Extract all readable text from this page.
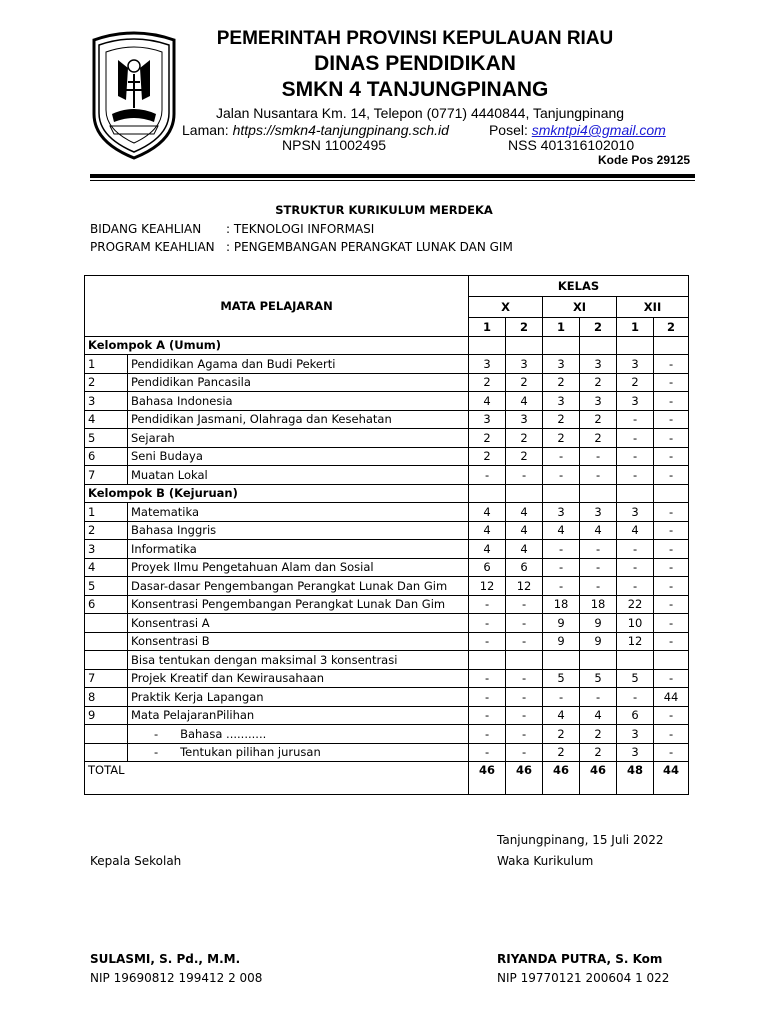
PEMERINTAH PROVINSI KEPULAUAN RIAU
DINAS PENDIDIKAN
SMKN 4 TANJUNGPINANG
Jalan Nusantara Km. 14, Telepon (0771) 4440844, Tanjungpinang
Laman: https://smkn4-tanjungpinang.sch.id	Posel: smkntpi4@gmail.com
NPSN 11002495	NSS 401316102010
Kode Pos 29125
STRUKTUR KURIKULUM MERDEKA
BIDANG KEAHLIAN : TEKNOLOGI INFORMASI
PROGRAM KEAHLIAN : PENGEMBANGAN PERANGKAT LUNAK DAN GIM
MATA PELAJARAN		KELAS					
		X		XI		XII	
		1	2	1	2	1	2
Kelompok A (Umum)							
1	Pendidikan Agama dan Budi Pekerti	3	3	3	3	3	-
2	Pendidikan Pancasila	2	2	2	2	2	-
3	Bahasa Indonesia	4	4	3	3	3	-
4	Pendidikan Jasmani, Olahraga dan Kesehatan	3	3	2	2	-	-
5	Sejarah	2	2	2	2	-	-
6	Seni Budaya	2	2	-	-	-	-
7	Muatan Lokal	-	-	-	-	-	-
Kelompok B (Kejuruan)							
1	Matematika	4	4	3	3	3	-
2	Bahasa Inggris	4	4	4	4	4	-
3	Informatika	4	4	-	-	-	-
4	Proyek Ilmu Pengetahuan Alam dan Sosial	6	6	-	-	-	-
5	Dasar-dasar Pengembangan Perangkat Lunak Dan Gim	12	12	-	-	-	-
6	Konsentrasi Pengembangan Perangkat Lunak Dan Gim	-	-	18	18	22	-
	Konsentrasi A	-	-	9	9	10	-
	Konsentrasi B	-	-	9	9	12	-
	Bisa tentukan dengan maksimal 3 konsentrasi						
7	Projek Kreatif dan Kewirausahaan	-	-	5	5	5	-
8	Praktik Kerja Lapangan	-	-	-	-	-	44
9	Mata PelajaranPilihan	-	-	4	4	6	-
	-      Bahasa ...........	-	-	2	2	3	-
	-      Tentukan pilihan jurusan	-	-	2	2	3	-
TOTAL		46	46	46	46	48	44
Tanjungpinang, 15 Juli 2022
Kepala Sekolah	Waka Kurikulum
SULASMI, S. Pd., M.M.
NIP 19690812 199412 2 008
RIYANDA PUTRA, S. Kom
NIP 19770121 200604 1 022
